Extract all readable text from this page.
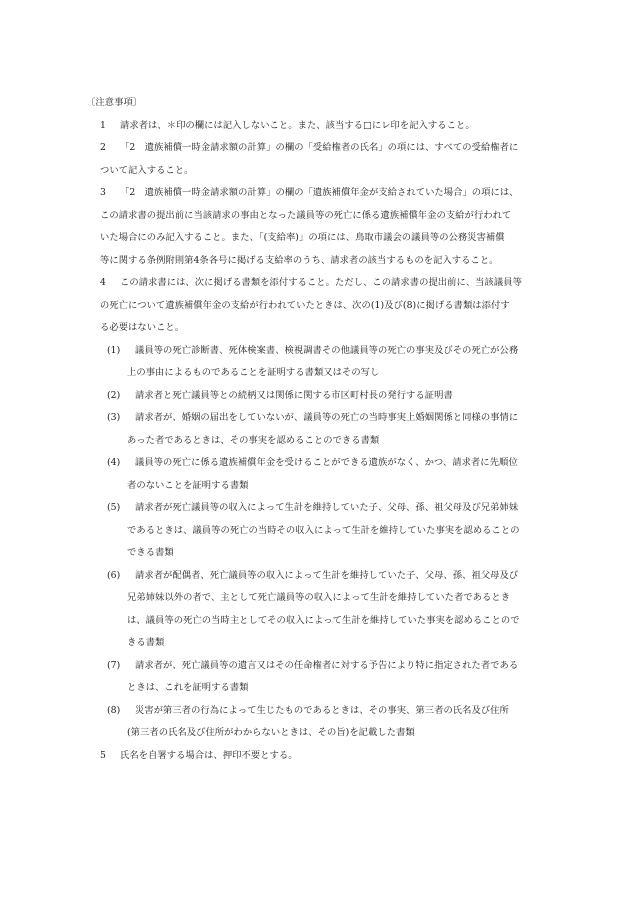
〔注意事項〕
1 請求者は、＊印の欄には記入しないこと。また、該当する□にレ印を記入すること。
2 「2　遺族補償一時金請求額の計算」の欄の「受給権者の氏名」の項には、すべての受給権者に
ついて記入すること。
3 「2　遺族補償一時金請求額の計算」の欄の「遺族補償年金が支給されていた場合」の項には、
この請求書の提出前に当該請求の事由となった議員等の死亡に係る遺族補償年金の支給が行われて
いた場合にのみ記入すること。また、「(支給率)」の項には、鳥取市議会の議員等の公務災害補償
等に関する条例附則第4条各号に掲げる支給率のうち、請求者の該当するものを記入すること。
4 この請求書には、次に掲げる書類を添付すること。ただし、この請求書の提出前に、当該議員等
の死亡について遺族補償年金の支給が行われていたときは、次の(1)及び(8)に掲げる書類は添付す
る必要はないこと。
(1) 議員等の死亡診断書、死体検案書、検視調書その他議員等の死亡の事実及びその死亡が公務
上の事由によるものであることを証明する書類又はその写し
(2) 請求者と死亡議員等との続柄又は関係に関する市区町村長の発行する証明書
(3) 請求者が、婚姻の届出をしていないが、議員等の死亡の当時事実上婚姻関係と同様の事情に
あった者であるときは、その事実を認めることのできる書類
(4) 議員等の死亡に係る遺族補償年金を受けることができる遺族がなく、かつ、請求者に先順位
者のないことを証明する書類
(5) 請求者が死亡議員等の収入によって生計を維持していた子、父母、孫、祖父母及び兄弟姉妹
であるときは、議員等の死亡の当時その収入によって生計を維持していた事実を認めることの
できる書類
(6) 請求者が配偶者、死亡議員等の収入によって生計を維持していた子、父母、孫、祖父母及び
兄弟姉妹以外の者で、主として死亡議員等の収入によって生計を維持していた者であるとき
は、議員等の死亡の当時主としてその収入によって生計を維持していた事実を認めることので
きる書類
(7) 請求者が、死亡議員等の遺言又はその任命権者に対する予告により特に指定された者である
ときは、これを証明する書類
(8) 災害が第三者の行為によって生じたものであるときは、その事実、第三者の氏名及び住所
(第三者の氏名及び住所がわからないときは、その旨)を記載した書類
5 氏名を自署する場合は、押印不要とする。
